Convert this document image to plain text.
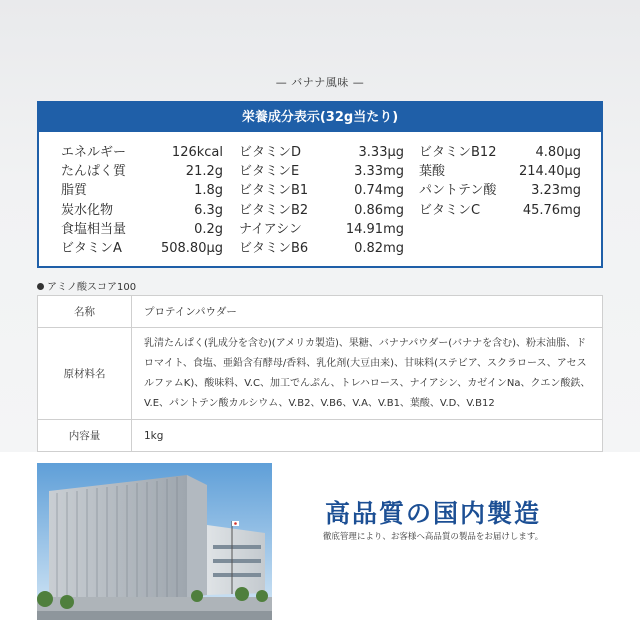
— バナナ風味 —
栄養成分表示(32g当たり)
エネルギー	126kcal
たんぱく質	21.2g
脂質	1.8g
炭水化物	6.3g
食塩相当量	0.2g
ビタミンA	508.80μg
ビタミンD	3.33μg
ビタミンE	3.33mg
ビタミンB1	0.74mg
ビタミンB2	0.86mg
ナイアシン	14.91mg
ビタミンB6	0.82mg
ビタミンB12	4.80μg
葉酸	214.40μg
パントテン酸	3.23mg
ビタミンC	45.76mg
アミノ酸スコア100
名称	プロテインパウダー
原材料名	乳清たんぱく(乳成分を含む)(アメリカ製造)、果糖、バナナパウダー(バナナを含む)、粉末油脂、ドロマイト、食塩、亜鉛含有酵母/香料、乳化剤(大豆由来)、甘味料(ステビア、スクラロース、アセスルファムK)、酸味料、V.C、加工でんぷん、トレハロース、ナイアシン、カゼインNa、クエン酸鉄、V.E、パントテン酸カルシウム、V.B2、V.B6、V.A、V.B1、葉酸、V.D、V.B12
内容量	1kg
高品質の国内製造
徹底管理により、お客様へ高品質の製品をお届けします。
